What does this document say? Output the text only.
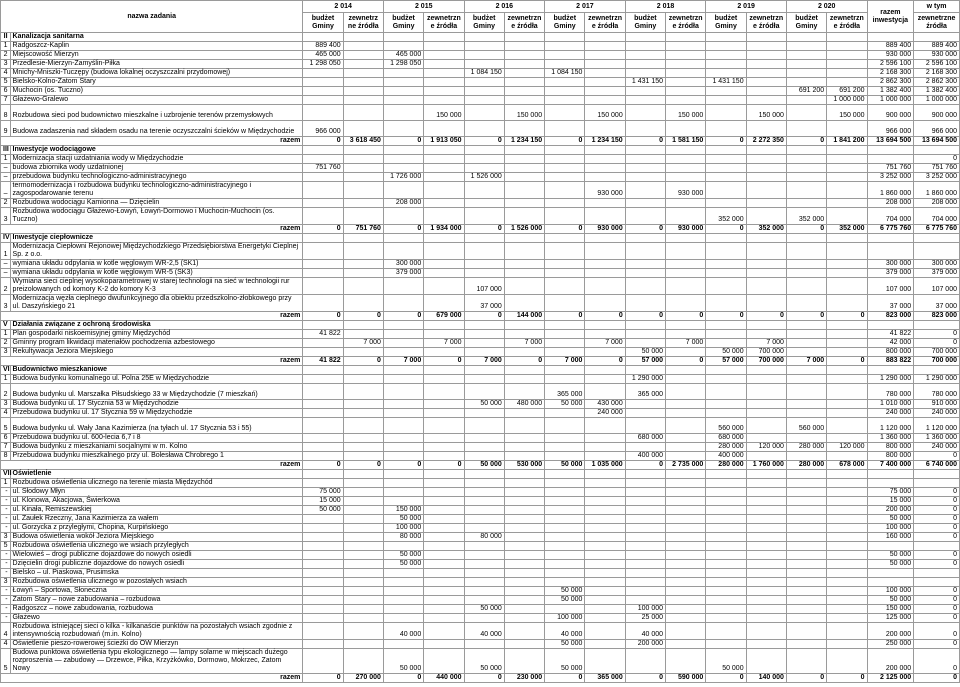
nazwa zadania		2 014		2 015		2 016		2 017		2 018		2 019		2 020		razem inwestycja	w tym
		budżet Gminy	zewnetrz ne źródła	budżet Gminy	zewnetrzn e źródła	budżet Gminy	zewnetrzn e źródła	budżet Gminy	zewnetrzn e źródła	budżet Gminy	zewnetrzn e źródła	budżet Gminy	zewnetrzn e źródła	budżet Gminy	zewnetrzn e źródła		zewnetrzne źródła
II	Kanalizacja sanitarna																
1	Radgoszcz-Kaplin	889 400														889 400	889 400
2	Miejscowość Mierzyn	465 000		465 000												930 000	930 000
3	Przedlesie-Mierzyn-Zamyślin-Piłka	1 298 050		1 298 050												2 596 100	2 596 100
4	Mnichy-Mniszki-Tuczępy (budowa lokalnej oczyszczalni przydomowej)					1 084 150		1 084 150								2 168 300	2 168 300
5	Bielsko-Kolno-Zatom Stary									1 431 150		1 431 150				2 862 300	2 862 300
6	Muchocin (os. Tuczno)													691 200	691 200	1 382 400	1 382 400
7	Głażewo-Gralewo														1 000 000	1 000 000	1 000 000
8	Rozbudowa sieci pod budownictwo mieszkalne i uzbrojenie terenów przemysłowych				150 000		150 000		150 000		150 000		150 000		150 000	900 000	900 000
9	Budowa zadaszenia nad składem osadu na terenie oczyszczalni ścieków w Międzychodzie	966 000														966 000	966 000
razem		0	3 618 450	0	1 913 050	0	1 234 150	0	1 234 150	0	1 581 150	0	2 272 350	0	1 841 200	13 694 500	13 694 500
III	Inwestycje wodociągowe																
1	Modernizacja stacji uzdatniania wody w Międzychodzie																0
–	budowa zbiornika wody uzdatnionej	751 760														751 760	751 760
–	przebudowa budynku technologiczno-administracyjnego			1 726 000		1 526 000										3 252 000	3 252 000
–	termomodernizacja i rozbudowa budynku technologiczno-administracyjnego i zagospodarowanie terenu								930 000		930 000					1 860 000	1 860 000
2	Rozbudowa wodociągu Kamionna — Dzięcielin			208 000												208 000	208 000
3	Rozbudowa wodociągu Głażewo-Łowyń, Łowyń-Dormowo i Muchocin-Muchocin (os. Tuczno)											352 000		352 000		704 000	704 000
razem		0	751 760	0	1 934 000	0	1 526 000	0	930 000	0	930 000	0	352 000	0	352 000	6 775 760	6 775 760
IV	Inwestycje ciepłownicze																
1	Modernizacja Ciepłowni Rejonowej Międzychodzkiego Przedsiębiorstwa Energetyki Cieplnej Sp. z o.o.																
–	wymiana układu odpylania w kotle węglowym WR-2,5 (SK1)			300 000												300 000	300 000
–	wymiana układu odpylania w kotle węglowym WR-5 (SK3)			379 000												379 000	379 000
2	Wymiana sieci cieplnej wysokoparametrowej w starej technologii na sieć w technologii rur preizolowanych od komory K-2 do komory K-3					107 000										107 000	107 000
3	Modernizacja węzła cieplnego dwufunkcyjnego dla obiektu przedszkolno-żłobkowego przy ul. Daszyńskiego 21					37 000										37 000	37 000
razem		0	0	0	679 000	0	144 000	0	0	0	0	0	0	0	0	823 000	823 000
V	Działania związane z ochroną środowiska																
1	Plan gospodarki niskoemisyjnej gminy Międzychód	41 822														41 822	0
2	Gminny program likwidacji materiałów pochodzenia azbestowego		7 000		7 000		7 000		7 000		7 000		7 000			42 000	0
3	Rekultywacja Jeziora Miejskiego									50 000		50 000	700 000			800 000	700 000
razem		41 822	0	7 000	0	7 000	0	7 000	0	57 000	0	57 000	700 000	7 000	0	883 822	700 000
VI	Budownictwo mieszkaniowe																
1	Budowa budynku komunalnego ul. Polna 25E w Międzychodzie									1 290 000						1 290 000	1 290 000
2	Budowa budynku ul. Marszałka Piłsudskiego 33 w Międzychodzie (7 mieszkań)							365 000		365 000						780 000	780 000
3	Budowa budynku ul. 17 Stycznia 53 w Międzychodzie					50 000	480 000	50 000	430 000							1 010 000	910 000
4	Przebudowa budynku ul. 17 Stycznia 59 w Międzychodzie								240 000							240 000	240 000
5	Budowa budynku ul. Wały Jana Kazimierza (na tyłach ul. 17 Stycznia 53 i 55)											560 000		560 000		1 120 000	1 120 000
6	Przebudowa budynku ul. 600-lecia 6,7 i 8									680 000		680 000				1 360 000	1 360 000
7	Budowa budynku z mieszkaniami socjalnymi w m. Kolno											280 000	120 000	280 000	120 000	800 000	240 000
8	Przebudowa budynku mieszkalnego przy ul. Bolesława Chrobrego 1									400 000		400 000				800 000	0
razem		0	0	0	0	50 000	530 000	50 000	1 035 000	0	2 735 000	280 000	1 760 000	280 000	678 000	7 400 000	6 740 000
VII	Oświetlenie																
1	Rozbudowa oświetlenia ulicznego na terenie miasta Międzychód																
-	ul. Słodowy Młyn	75 000														75 000	0
-	ul. Klonowa, Akacjowa, Świerkowa	15 000														15 000	0
-	ul. Kinała, Remiszewskiej	50 000		150 000												200 000	0
-	ul. Zaułek Rzeczny, Jana Kazimierza za wałem			50 000												50 000	0
-	ul. Gorzycka z przyległymi, Chopina, Kurpińskiego			100 000												100 000	0
3	Budowa oświetlenia wokół Jeziora Miejskiego			80 000		80 000										160 000	0
5	Rozbudowa oświetlenia ulicznego we wsiach przyległych																
-	Wielowieś – drogi publiczne dojazdowe do nowych osiedli			50 000												50 000	0
-	Dzięcielin drogi publiczne dojazdowe do nowych osiedli			50 000												50 000	0
-	Bielsko – ul. Piaskowa, Prusimska																
3	Rozbudowa oświetlenia ulicznego w pozostałych wsiach																
-	Łowyń – Sportowa, Słoneczna							50 000								100 000	0
-	Zatom Stary – nowe zabudowania – rozbudowa							50 000								50 000	0
-	Radgoszcz – nowe zabudowania, rozbudowa					50 000				100 000						150 000	0
-	Głażewo							100 000		25 000						125 000	0
4	Rozbudowa istniejącej sieci o kilka - kilkanaście punktów na pozostałych wsiach zgodnie z intensywnością rozbudowań (m.in. Kolno)			40 000		40 000		40 000		40 000						200 000	0
4	Oświetlenie pieszo-rowerowej ścieżki do OW Mierzyn							50 000		200 000						250 000	0
5	Budowa punktowa oświetlenia typu ekologicznego — lampy solarne w miejscach dużego rozproszenia — zabudowy — Drzewce, Piłka, Krzyżkówko, Dormowo, Mokrzec, Zatom Nowy			50 000		50 000		50 000				50 000				200 000	0
razem		0	270 000	0	440 000	0	230 000	0	365 000	0	590 000	0	140 000	0	0	2 125 000	0
